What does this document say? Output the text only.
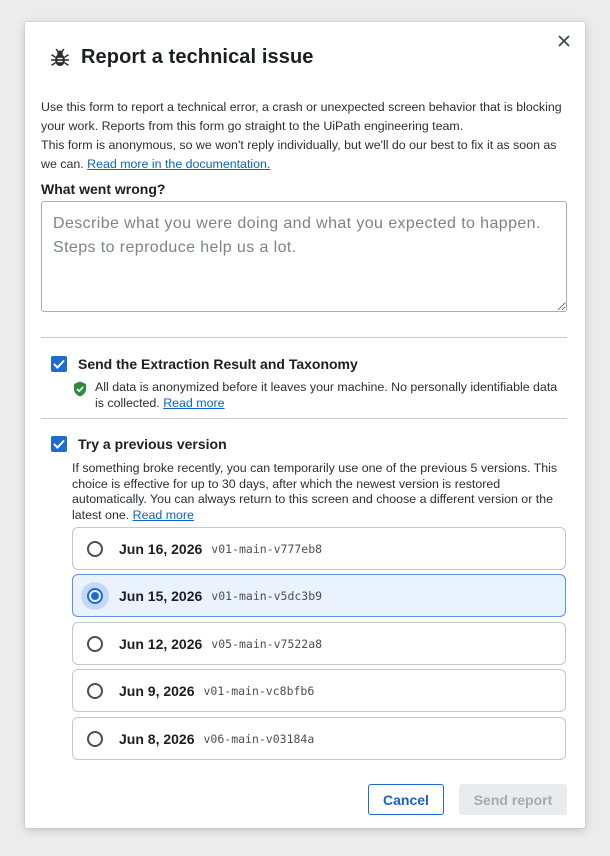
Report a technical issue
Use this form to report a technical error, a crash or unexpected screen behavior that is blocking your work. Reports from this form go straight to the UiPath engineering team.
This form is anonymous, so we won't reply individually, but we'll do our best to fix it as soon as we can. Read more in the documentation.
What went wrong?
Describe what you were doing and what you expected to happen. Steps to reproduce help us a lot.
Send the Extraction Result and Taxonomy
All data is anonymized before it leaves your machine. No personally identifiable data is collected. Read more
Try a previous version
If something broke recently, you can temporarily use one of the previous 5 versions. This choice is effective for up to 30 days, after which the newest version is restored automatically. You can always return to this screen and choose a different version or the latest one. Read more
Jun 16, 2026 v01-main-v777eb8
Jun 15, 2026 v01-main-v5dc3b9
Jun 12, 2026 v05-main-v7522a8
Jun 9, 2026 v01-main-vc8bfb6
Jun 8, 2026 v06-main-v03184a
Cancel	Send report
